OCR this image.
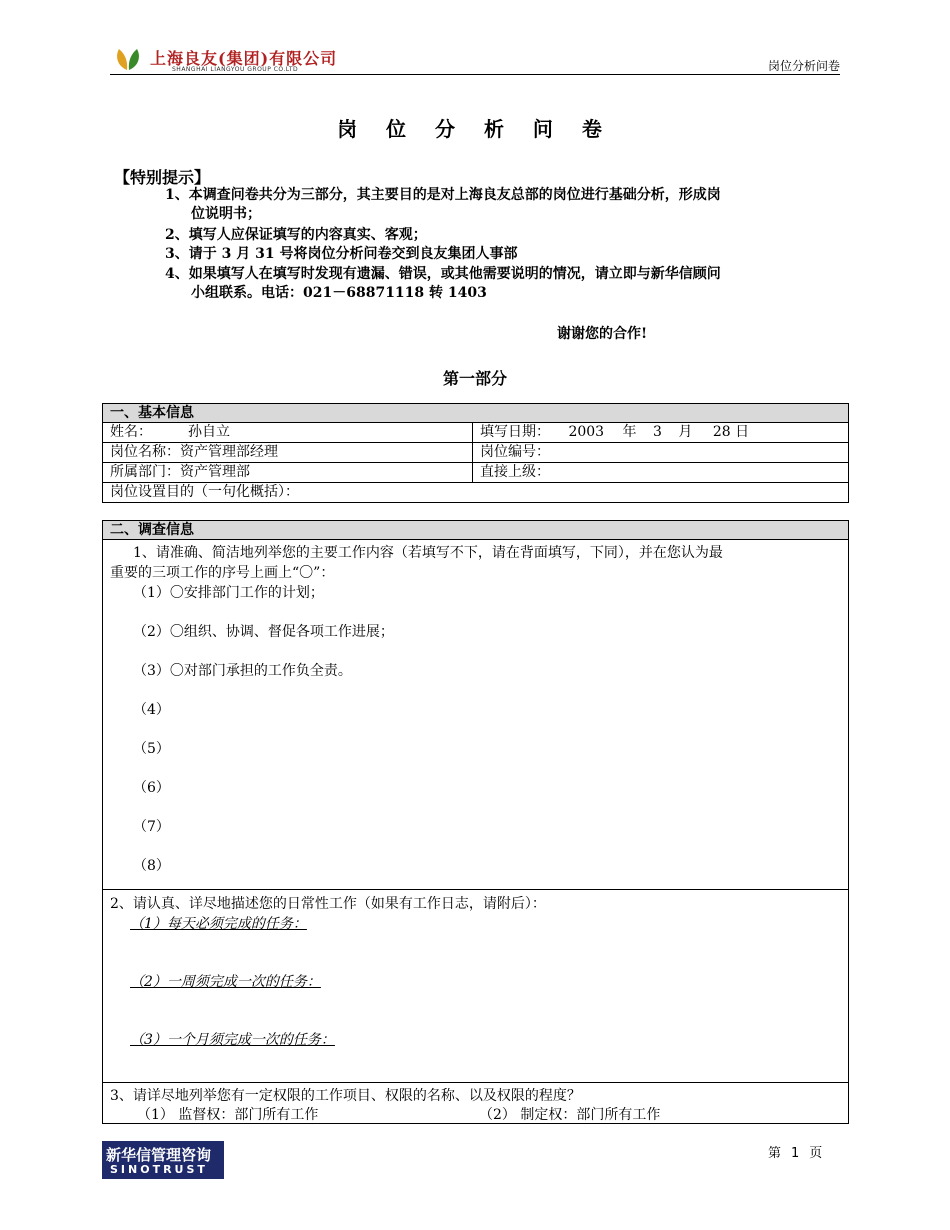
上海良友(集团)有限公司
SHANGHAI LIANGYOU GROUP CO.LTD	岗位分析问卷
岗 位 分 析 问 卷
【特别提示】
1、本调查问卷共分为三部分，其主要目的是对上海良友总部的岗位进行基础分析，形成岗
位说明书；
2、填写人应保证填写的内容真实、客观；
3、请于 3 月 31 号将岗位分析问卷交到良友集团人事部
4、如果填写人在填写时发现有遗漏、错误，或其他需要说明的情况，请立即与新华信顾问
小组联系。电话：021－68871118 转 1403
谢谢您的合作!
第一部分
一、基本信息
姓名：	孙自立	填写日期： 2003 年 3 月 28 日
岗位名称：资产管理部经理	岗位编号：
所属部门：资产管理部	直接上级：
岗位设置目的（一句化概括）：
二、调查信息
1、请准确、简洁地列举您的主要工作内容（若填写不下，请在背面填写，下同），并在您认为最
重要的三项工作的序号上画上“〇”：
（1）〇安排部门工作的计划；
（2）〇组织、协调、督促各项工作进展；
（3）〇对部门承担的工作负全责。
（4）
（5）
（6）
（7）
（8）
2、请认真、详尽地描述您的日常性工作（如果有工作日志，请附后）：
（1）每天必须完成的任务：
（2）一周须完成一次的任务：
（3）一个月须完成一次的任务：
3、请详尽地列举您有一定权限的工作项目、权限的名称、以及权限的程度？
（1） 监督权：部门所有工作	（2） 制定权：部门所有工作
新华信管理咨询
SINOTRUST
第 1 页
